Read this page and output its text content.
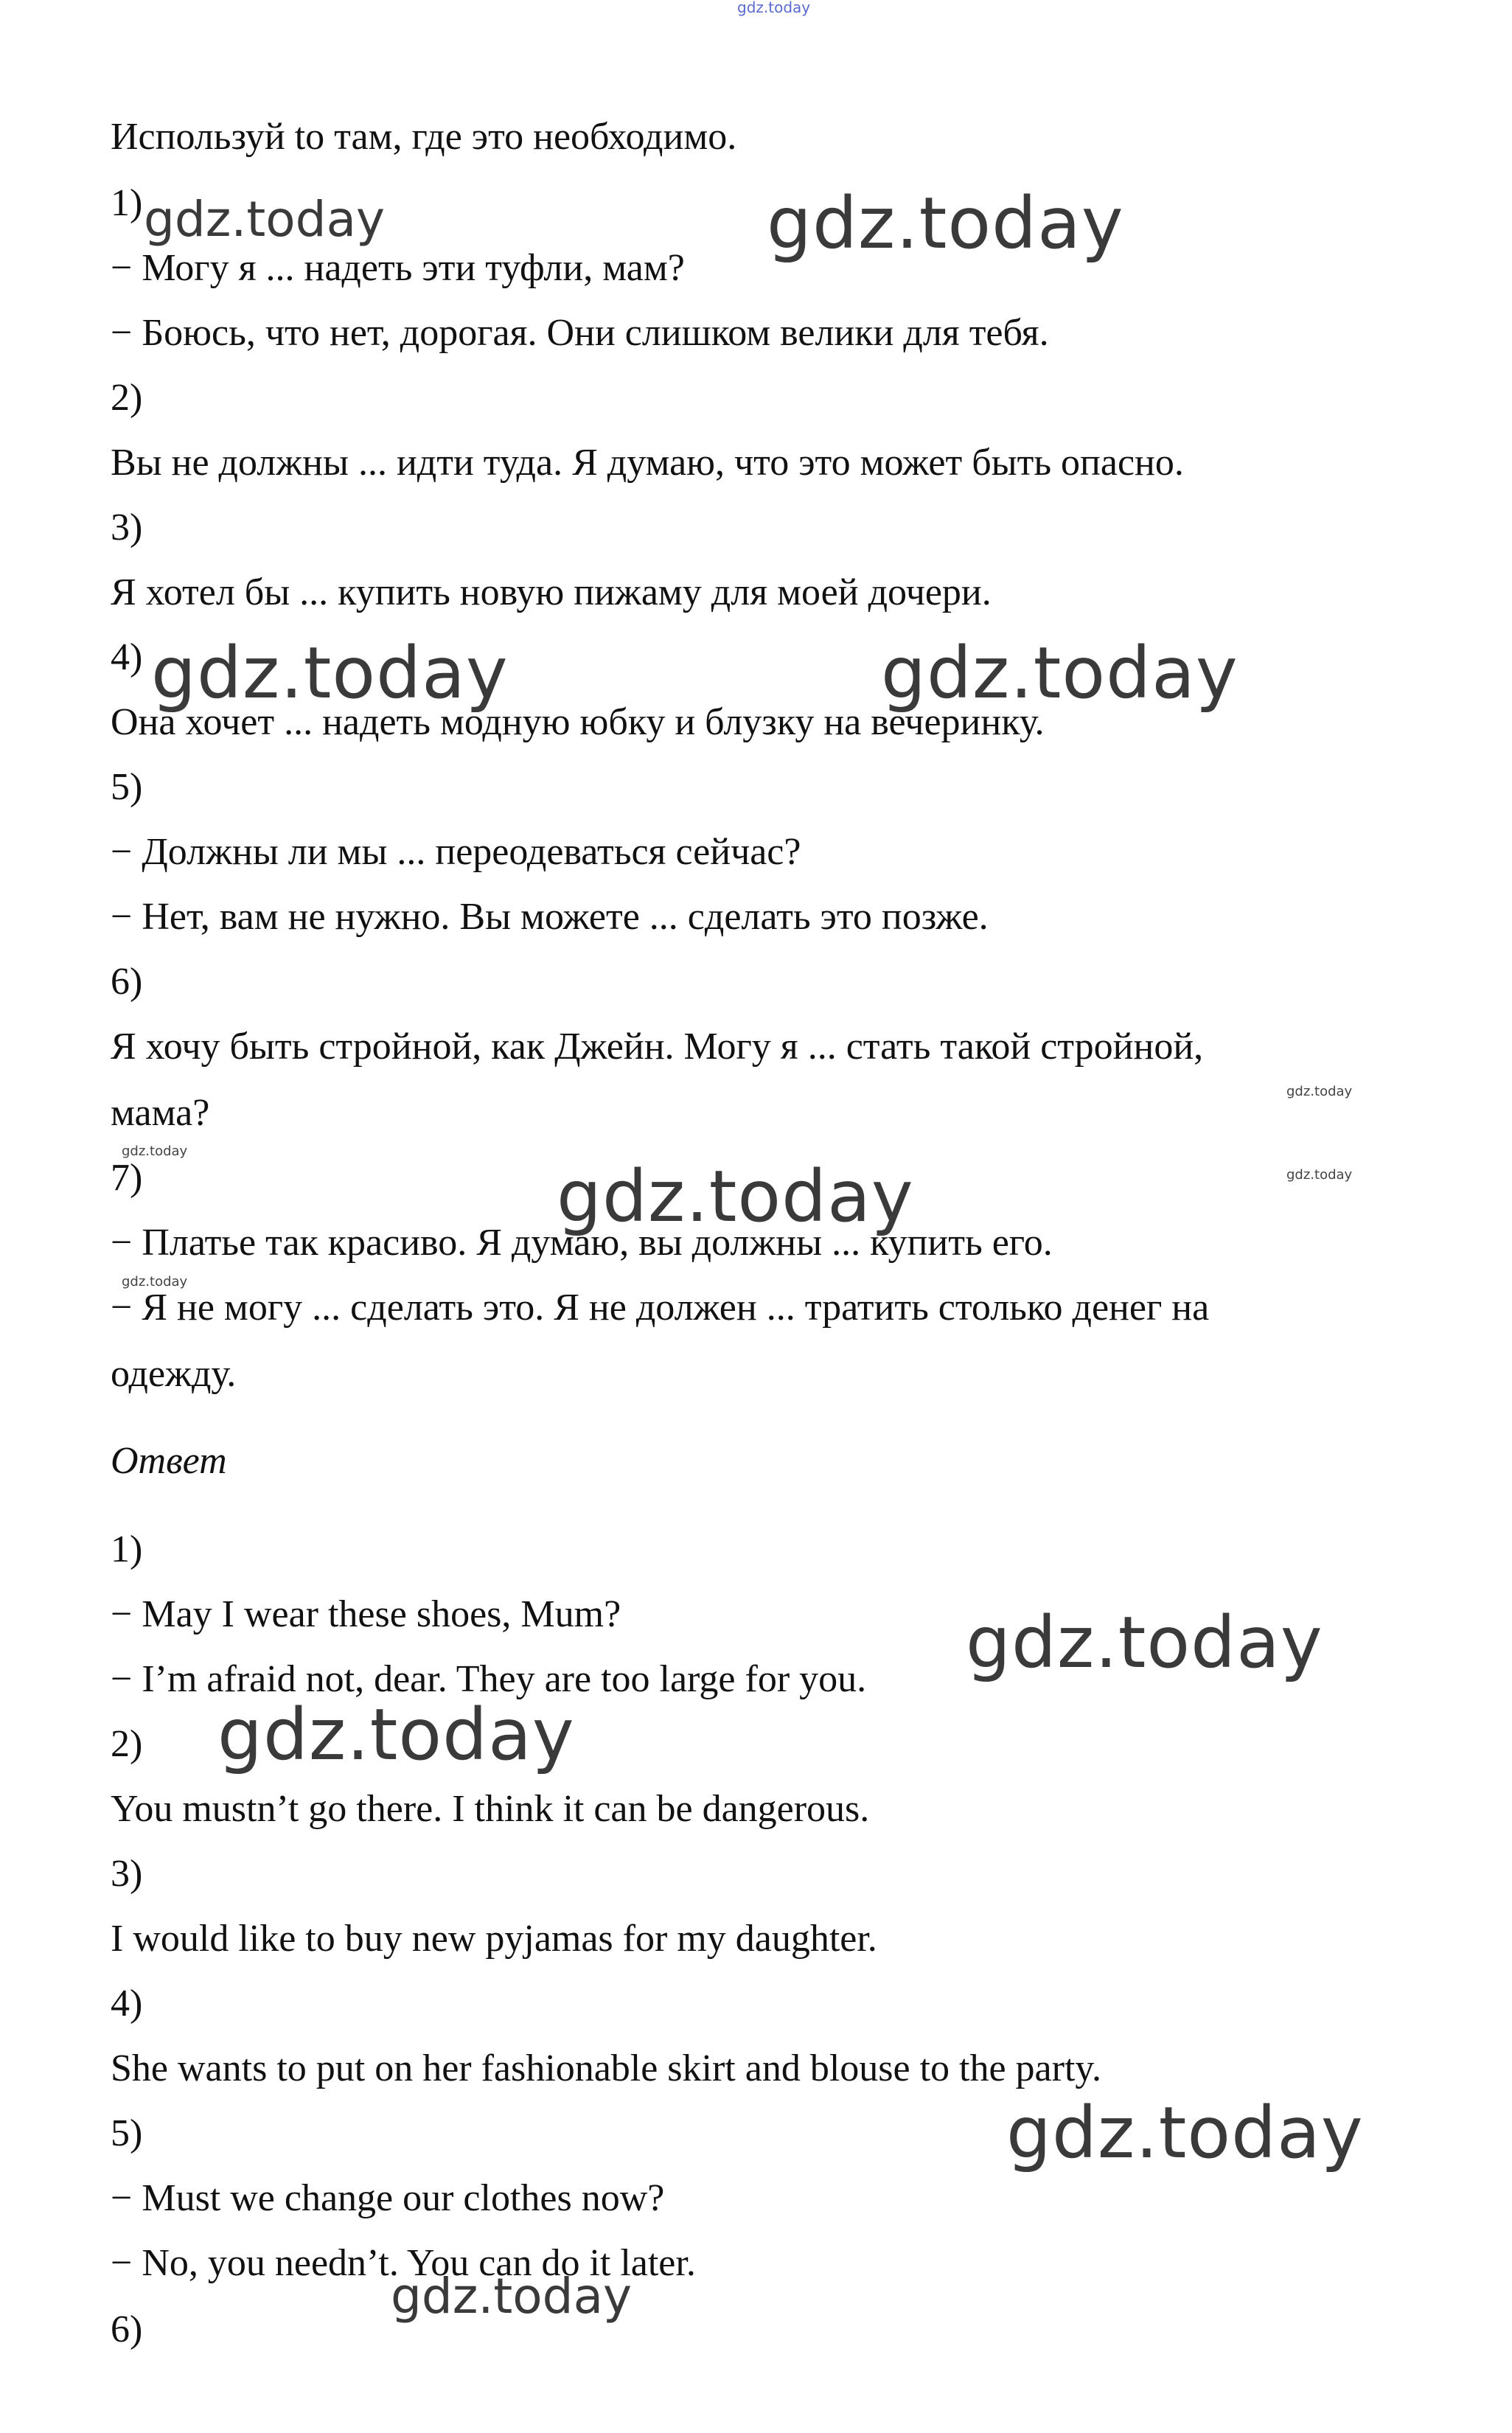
gdz.today

Используй to там, где это необходимо.

1)

− Могу я ... надеть эти туфли, мам?

− Боюсь, что нет, дорогая. Они слишком велики для тебя.

2)

Вы не должны ... идти туда. Я думаю, что это может быть опасно.

3)

Я хотел бы ... купить новую пижаму для моей дочери.

4)

Она хочет ... надеть модную юбку и блузку на вечеринку.

5)

− Должны ли мы ... переодеваться сейчас?

− Нет, вам не нужно. Вы можете ... сделать это позже.

6)

Я хочу быть стройной, как Джейн. Могу я ... стать такой стройной,

мама?

7)

− Платье так красиво. Я думаю, вы должны ... купить его.

− Я не могу ... сделать это. Я не должен ... тратить столько денег на

одежду.

Ответ

1)

− May I wear these shoes, Mum?

− I’m afraid not, dear. They are too large for you.

2)

You mustn’t go there. I think it can be dangerous.

3)

I would like to buy new pyjamas for my daughter.

4)

She wants to put on her fashionable skirt and blouse to the party.

5)

− Must we change our clothes now?

− No, you needn’t. You can do it later.

6)

gdz.today	gdz.today
gdz.today	gdz.today
gdz.today
gdz.today
gdz.today
gdz.today
gdz.today
gdz.today
gdz.today
gdz.today
gdz.today
